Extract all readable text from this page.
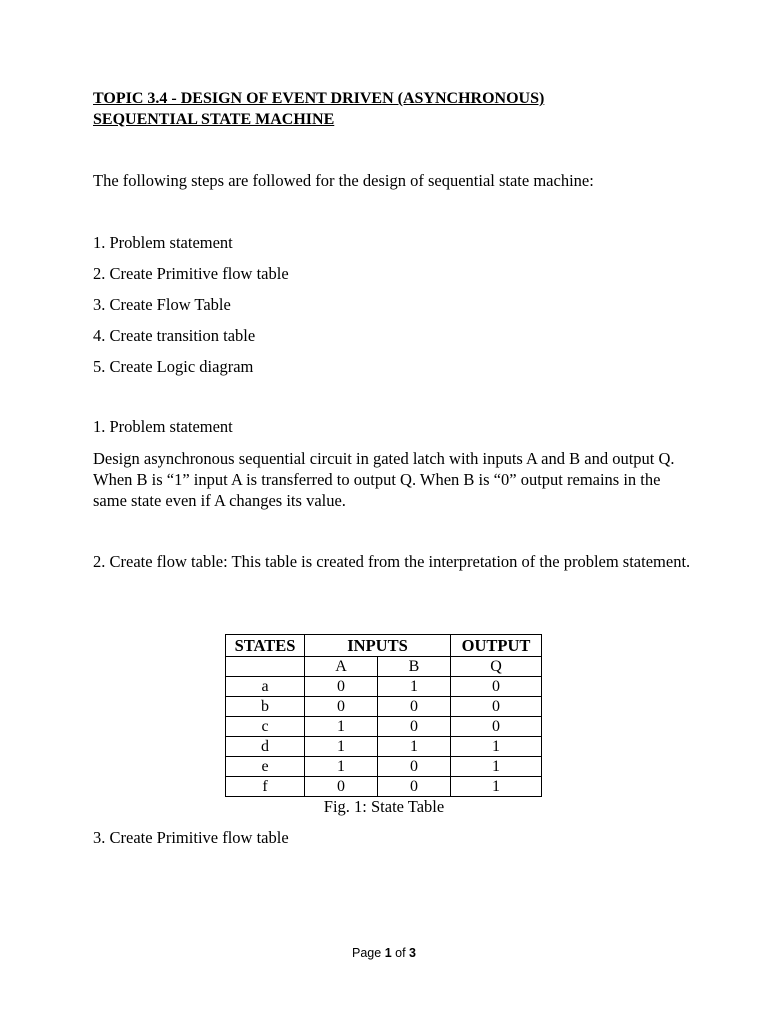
TOPIC 3.4 - DESIGN OF EVENT DRIVEN (ASYNCHRONOUS)
SEQUENTIAL STATE MACHINE
The following steps are followed for the design of sequential state machine:
1. Problem statement
2. Create Primitive flow table
3. Create Flow Table
4. Create transition table
5. Create Logic diagram
1. Problem statement
Design asynchronous sequential circuit in gated latch with inputs A and B and output Q. When B is “1” input A is transferred to output Q. When B is “0” output remains in the same state even if A changes its value.
2. Create flow table: This table is created from the interpretation of the problem statement.
STATES	INPUTS		OUTPUT
	A	B	Q
a	0	1	0
b	0	0	0
c	1	0	0
d	1	1	1
e	1	0	1
f	0	0	1
Fig. 1: State Table
3. Create Primitive flow table
Page 1 of 3
